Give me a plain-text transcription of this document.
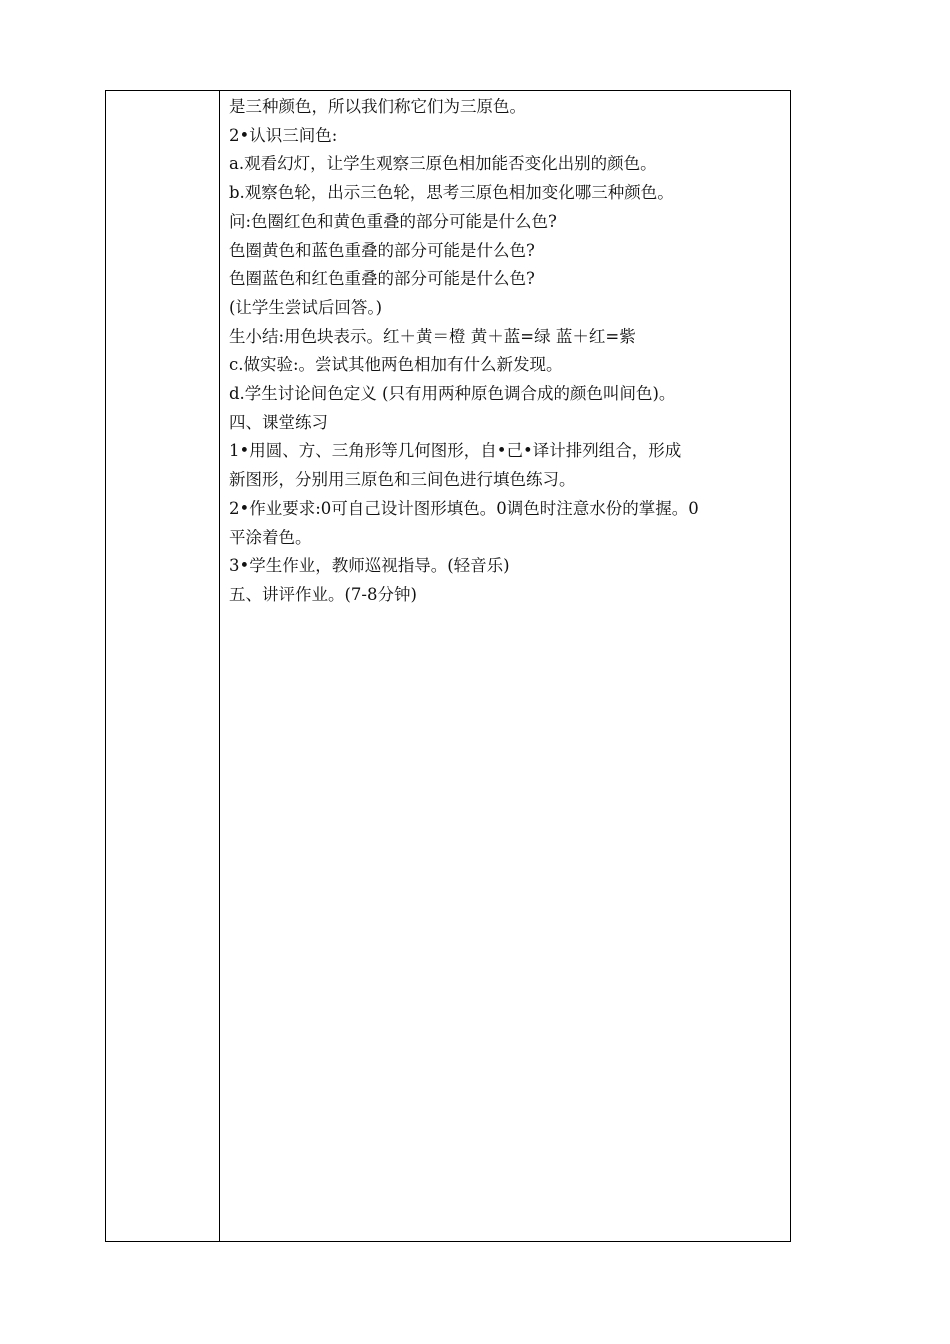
是三种颜色，所以我们称它们为三原色。

2•认识三间色:

a.观看幻灯，让学生观察三原色相加能否变化出别的颜色。

b.观察色轮，出示三色轮，思考三原色相加变化哪三种颜色。

问:色圈红色和黄色重叠的部分可能是什么色?

色圈黄色和蓝色重叠的部分可能是什么色?

色圈蓝色和红色重叠的部分可能是什么色?

(让学生尝试后回答。)

生小结:用色块表示。红＋黄＝橙 黄＋蓝=绿 蓝＋红=紫

c.做实验:。尝试其他两色相加有什么新发现。

d.学生讨论间色定义 (只有用两种原色调合成的颜色叫间色)。

四、课堂练习

1•用圆、方、三角形等几何图形，自•己•译计排列组合，形成

新图形，分别用三原色和三间色进行填色练习。

2•作业要求:0可自己设计图形填色。0调色时注意水份的掌握。0

平涂着色。

3•学生作业，教师巡视指导。(轻音乐)

五、讲评作业。(7-8分钟)
